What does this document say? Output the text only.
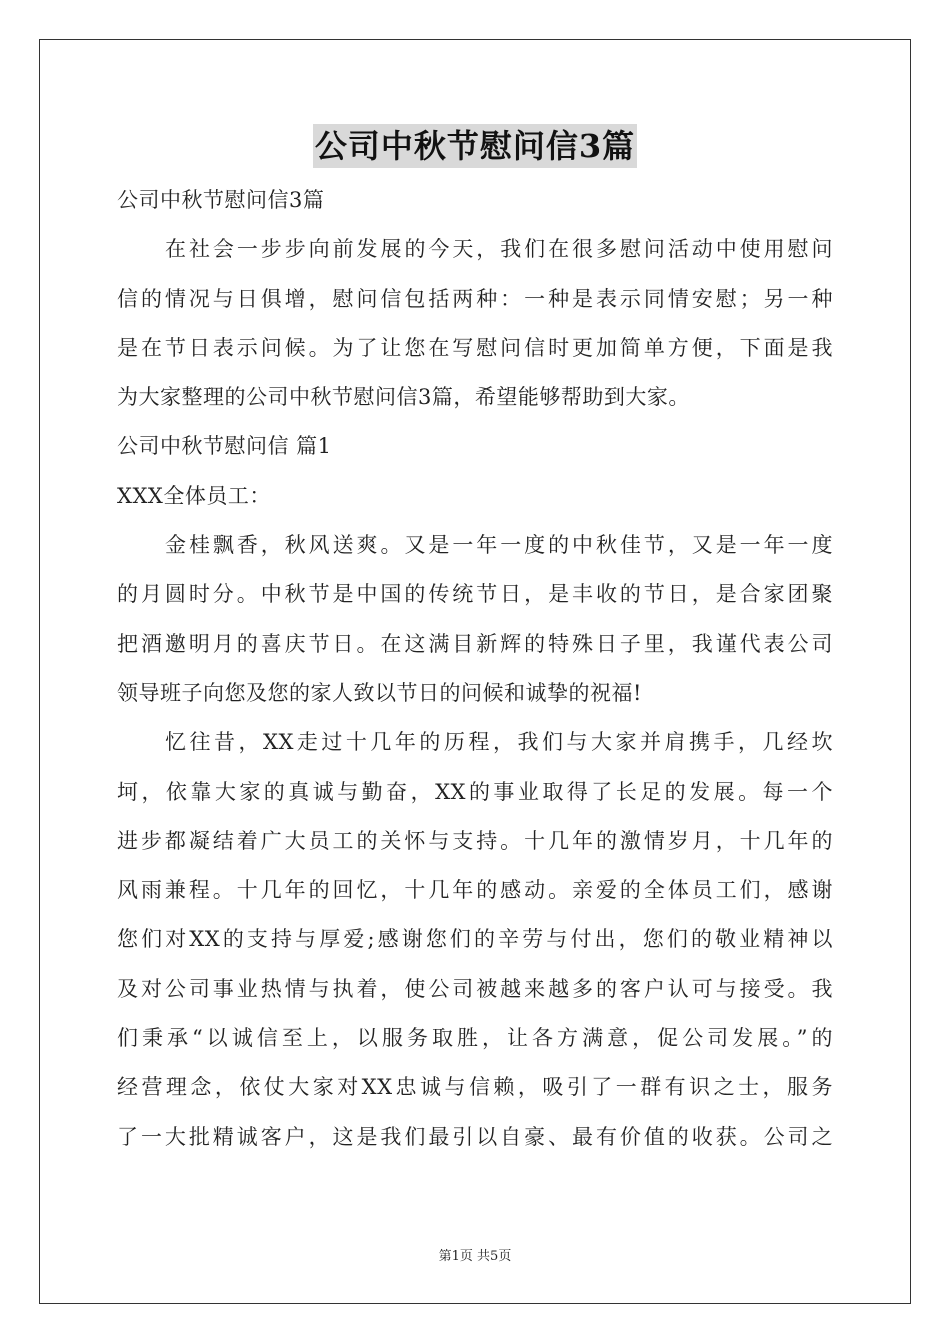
公司中秋节慰问信3篇
公司中秋节慰问信3篇
在社会一步步向前发展的今天，我们在很多慰问活动中使用慰问
信的情况与日俱增，慰问信包括两种：一种是表示同情安慰；另一种
是在节日表示问候。为了让您在写慰问信时更加简单方便，下面是我
为大家整理的公司中秋节慰问信3篇，希望能够帮助到大家。
公司中秋节慰问信 篇1
XXX全体员工：
金桂飘香，秋风送爽。又是一年一度的中秋佳节，又是一年一度
的月圆时分。中秋节是中国的传统节日，是丰收的节日，是合家团聚
把酒邀明月的喜庆节日。在这满目新辉的特殊日子里，我谨代表公司
领导班子向您及您的家人致以节日的问候和诚挚的祝福!
忆往昔，XX走过十几年的历程，我们与大家并肩携手，几经坎
坷，依靠大家的真诚与勤奋，XX的事业取得了长足的发展。每一个
进步都凝结着广大员工的关怀与支持。十几年的激情岁月，十几年的
风雨兼程。十几年的回忆，十几年的感动。亲爱的全体员工们，感谢
您们对XX的支持与厚爱;感谢您们的辛劳与付出，您们的敬业精神以
及对公司事业热情与执着，使公司被越来越多的客户认可与接受。我
们秉承“以诚信至上，以服务取胜，让各方满意，促公司发展。”的
经营理念，依仗大家对XX忠诚与信赖，吸引了一群有识之士，服务
了一大批精诚客户，这是我们最引以自豪、最有价值的收获。公司之
第1页 共5页
